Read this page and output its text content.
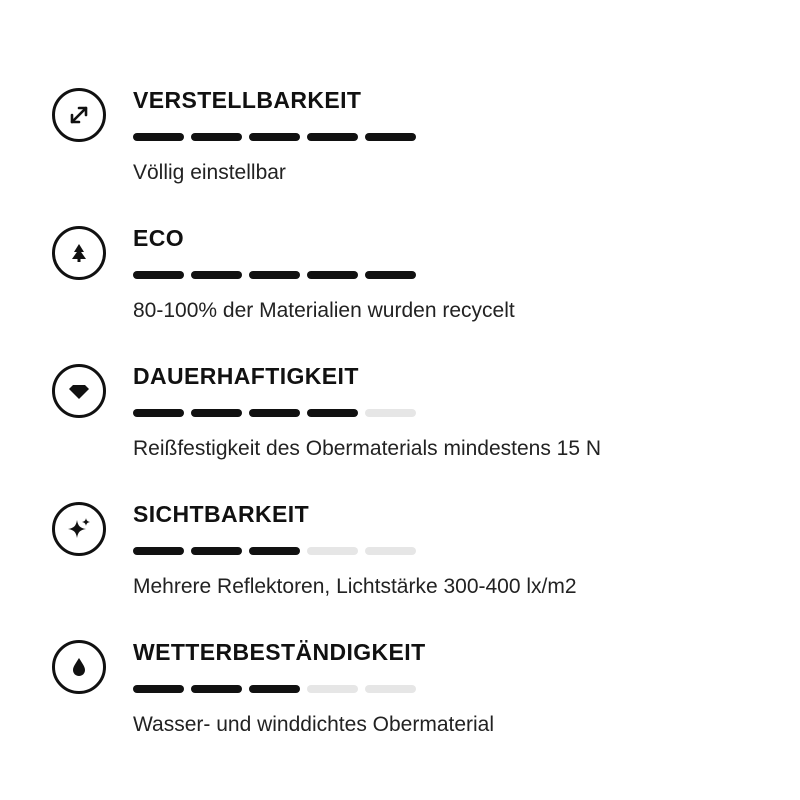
VERSTELLBARKEIT
Völlig einstellbar
ECO
80-100% der Materialien wurden recycelt
DAUERHAFTIGKEIT
Reißfestigkeit des Obermaterials mindestens 15 N
SICHTBARKEIT
Mehrere Reflektoren, Lichtstärke 300-400 lx/m2
WETTERBESTÄNDIGKEIT
Wasser- und winddichtes Obermaterial
